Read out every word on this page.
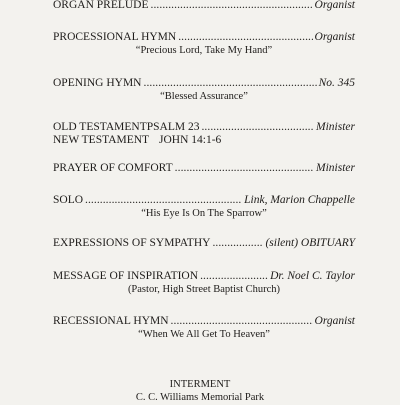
ORGAN PRELUDE . . .	Organist
PROCESSIONAL HYMN . . .	Organist
“Precious Lord, Take My Hand”
OPENING HYMN . . .	No. 345
“Blessed Assurance”
OLD TESTAMENT PSALM 23 . . .	Minister
NEW TESTAMENT JOHN 14:1-6
PRAYER OF COMFORT . . .	Minister
SOLO . . .	Link, Marion Chappelle
“His Eye Is On The Sparrow”
EXPRESSIONS OF SYMPATHY . . .	(silent) OBITUARY
MESSAGE OF INSPIRATION . . .	Dr. Noel C. Taylor
(Pastor, High Street Baptist Church)
RECESSIONAL HYMN . . .	Organist
“When We All Get To Heaven”
INTERMENT
C. C. Williams Memorial Park
